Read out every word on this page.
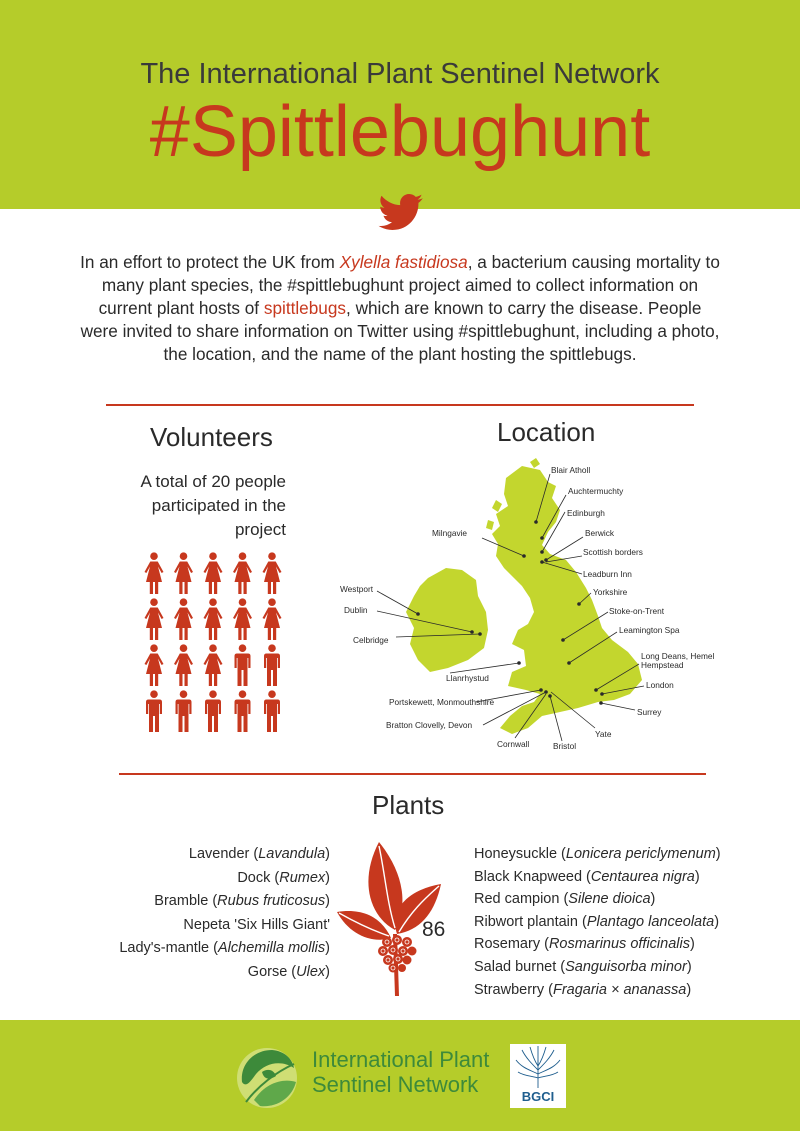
The International Plant Sentinel Network
#Spittlebughunt
In an effort to protect the UK from Xylella fastidiosa, a bacterium causing mortality to many plant species, the #spittlebughunt project aimed to collect information on current plant hosts of spittlebugs, which are known to carry the disease. People were invited to share information on Twitter using #spittlebughunt, including a photo, the location, and the name of the plant hosting the spittlebugs.
Volunteers
A total of 20 people participated in the project
Location
Blair Atholl
Auchtermuchty
Edinburgh
Milngavie	Berwick
Scottish borders
Leadburn Inn
Yorkshire
Westport
Stoke-on-Trent
Dublin
Leamington Spa
Celbridge
Long Deans, Hemel
Hempstead
Llanrhystud
London
Portskewett, Monmouthshire
Surrey
Bratton Clovelly, Devon
Yate
Cornwall	Bristol
Plants
Lavender (Lavandula)
Dock (Rumex)
Bramble (Rubus fruticosus)
Nepeta 'Six Hills Giant'
Lady's-mantle (Alchemilla mollis)
Gorse (Ulex)
86
Honeysuckle (Lonicera periclymenum)
Black Knapweed (Centaurea nigra)
Red campion (Silene dioica)
Ribwort plantain (Plantago lanceolata)
Rosemary (Rosmarinus officinalis)
Salad burnet (Sanguisorba minor)
Strawberry (Fragaria × ananassa)
International Plant
Sentinel Network	BGCI
